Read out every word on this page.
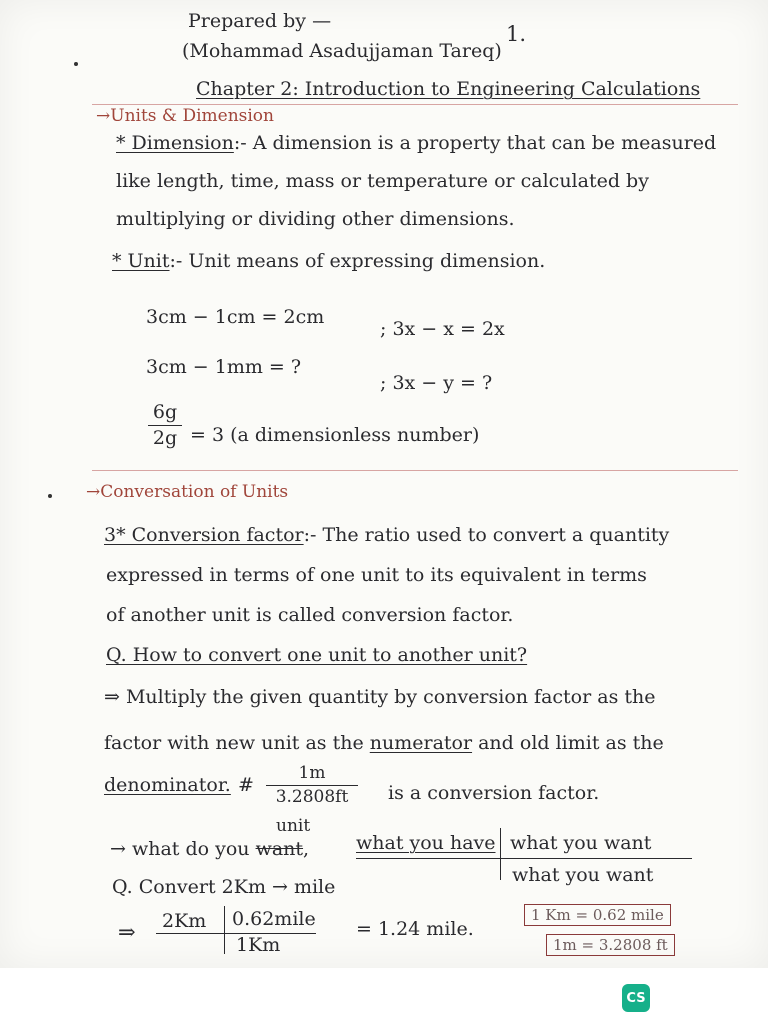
Prepared by —
(Mohammad Asadujjaman Tareq)
1.
Chapter 2: Introduction to Engineering Calculations
→Units & Dimension
* Dimension:- A dimension is a property that can be measured
like length, time, mass or temperature or calculated by
multiplying or dividing other dimensions.
* Unit:- Unit means of expressing dimension.
3cm − 1cm = 2cm
; 3x − x = 2x
3cm − 1mm = ?
; 3x − y = ?
6g
2g = 3 (a dimensionless number)
→Conversation of Units
3* Conversion factor:- The ratio used to convert a quantity
expressed in terms of one unit to its equivalent in terms
of another unit is called conversion factor.
Q. How to convert one unit to another unit?
⇒ Multiply the given quantity by conversion factor as the
factor with new unit as the numerator and old limit as the
denominator. #
1m
3.2808ft	is a conversion factor.
unit
→ what do you want, what you have what you want
what you want
Q. Convert 2Km → mile
⇒ 2Km 0.62mile
1Km
= 1.24 mile.
1 Km = 0.62 mile
1m = 3.2808 ft
CS
